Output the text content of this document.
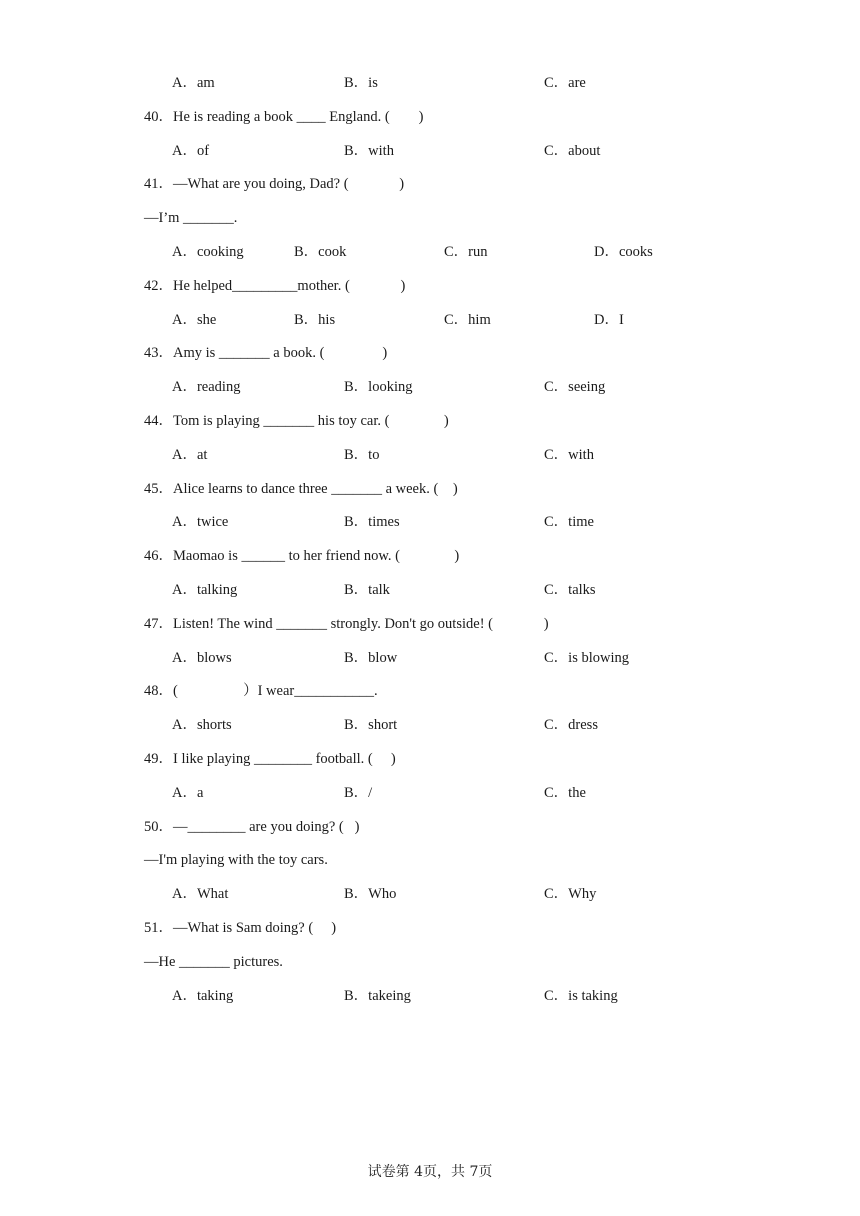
A．am	B．is	C．are
40．He is reading a book ____ England. (        )
A．of	B．with	C．about
41．—What are you doing, Dad? (              )
—I’m _______.
A．cooking	B．cook	C．run	D．cooks
42．He helped_________mother. (              )
A．she	B．his	C．him	D．I
43．Amy is _______ a book. (                )
A．reading	B．looking	C．seeing
44．Tom is playing _______ his toy car. (               )
A．at	B．to	C．with
45．Alice learns to dance three _______ a week. (    )
A．twice	B．times	C．time
46．Maomao is ______ to her friend now. (               )
A．talking	B．talk	C．talks
47．Listen! The wind _______ strongly. Don't go outside! (              )
A．blows	B．blow	C．is blowing
48．(                  ）I wear___________.
A．shorts	B．short	C．dress
49．I like playing ________ football. (     )
A．a	B．/	C．the
50．—________ are you doing? (   )
—I'm playing with the toy cars.
A．What	B．Who	C．Why
51．—What is Sam doing? (     )
—He _______ pictures.
A．taking	B．takeing	C．is taking
试卷第 4页，共 7页
